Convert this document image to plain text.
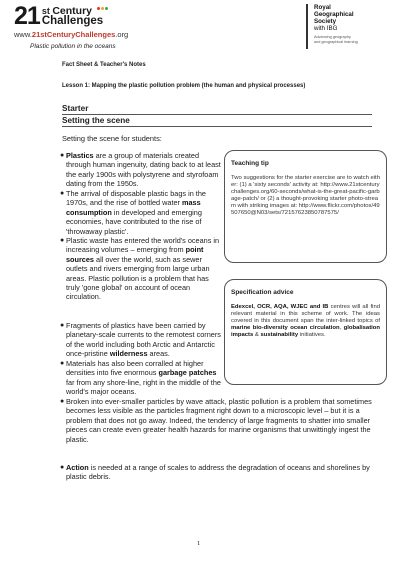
21 st Century
Challenges
www.21stCenturyChallenges.org
Royal
Geographical
Society
with IBG
Advancing geography
and geographical learning
Plastic pollution in the oceans
Fact Sheet & Teacher's Notes
Lesson 1: Mapping the plastic pollution problem (the human and physical processes)
Starter
Setting the scene
Setting the scene for students:
● Plastics are a group of materials created through human ingenuity, dating back to at least the early 1900s with polystyrene and styrofoam dating from the 1950s.
● The arrival of disposable plastic bags in the 1970s, and the rise of bottled water mass consumption in developed and emerging economies, have contributed to the rise of 'throwaway plastic'.
● Plastic waste has entered the world's oceans in increasing volumes – emerging from point sources all over the world, such as sewer outlets and rivers emerging from large urban areas. Plastic pollution is a problem that has truly 'gone global' on account of ocean circulation.
● Fragments of plastics have been carried by planetary-scale currents to the remotest corners of the world including both Arctic and Antarctic once-pristine wilderness areas.
● Materials has also been corralled at higher densities into five enormous garbage patches far from any shore-line, right in the middle of the world's major oceans.
● Broken into ever-smaller particles by wave attack, plastic pollution is a problem that sometimes becomes less visible as the particles fragment right down to a microscopic level – but it is a problem that does not go away. Indeed, the tendency of large fragments to shatter into smaller pieces can create even greater health hazards for marine organisms that unwittingly ingest the plastic.
● Action is needed at a range of scales to address the degradation of oceans and shorelines by plastic debris.
Teaching tip
Two suggestions for the starter exercise are to watch either: (1) a 'sixty seconds' activity at: http://www.21stcenturychallenges.org/60-seconds/what-is-the-great-pacific-garbage-patch/ or (2) a thought-provoking starter photo-stream with striking images at: http://www.flickr.com/photos/49507650@N03/sets/72157623850787575/
Specification advice
Edexcel, OCR, AQA, WJEC and IB centres will all find relevant material in this scheme of work. The ideas covered in this document span the inter-linked topics of marine bio-diversity ocean circulation, globalisation impacts & sustainability initiatives.
1
